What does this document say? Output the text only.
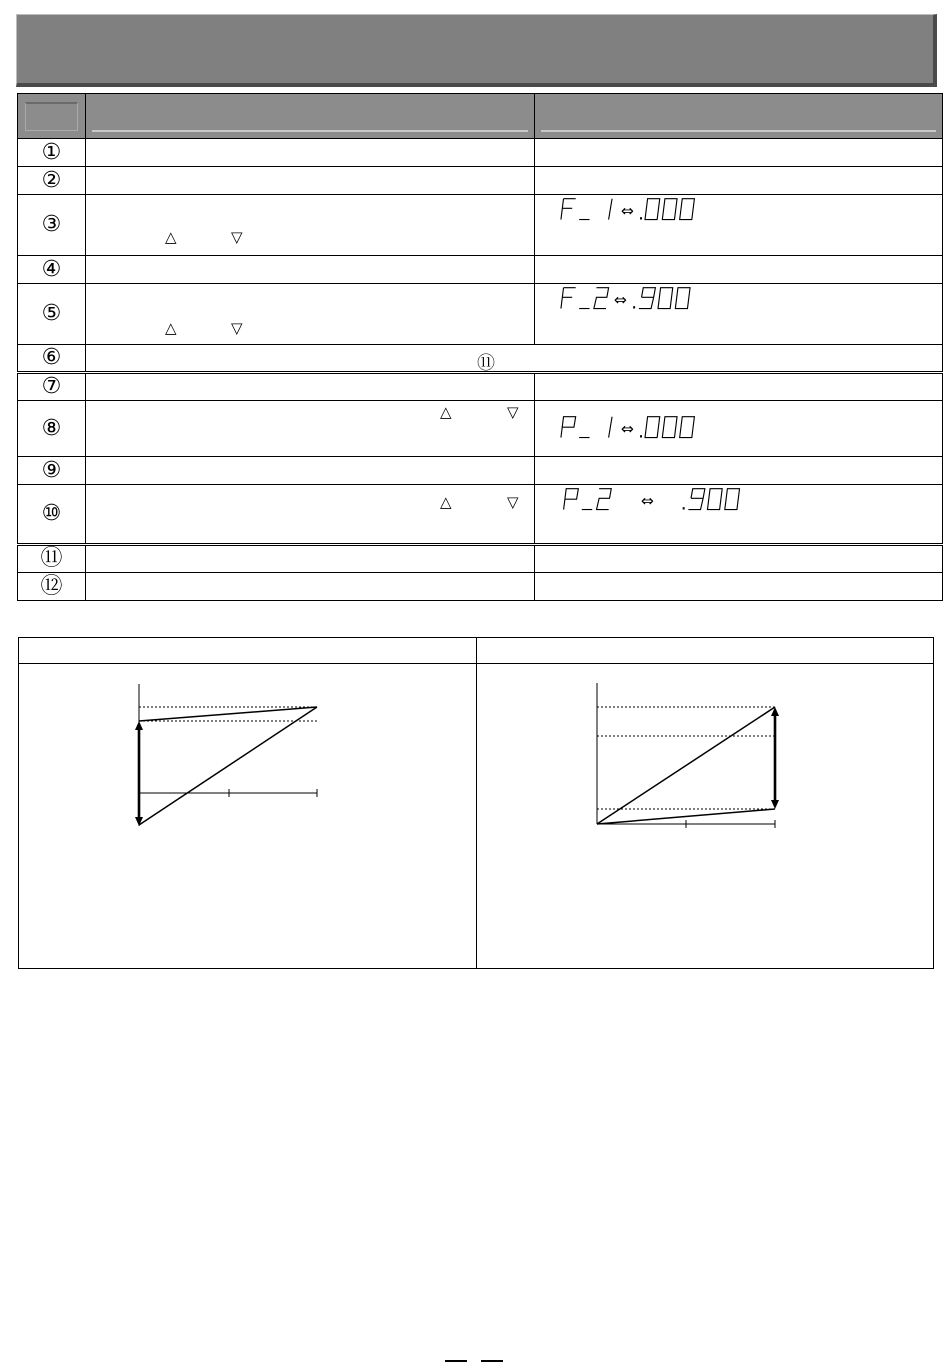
①		
②		
③	△ ▽	⇔ .

④		
⑤	△ ▽	⇔ .

⑥	⑪	

⑦		
⑧	△ ▽	⇔ .

⑨		
⑩	△ ▽	⇔ .

⑪		
⑫		
